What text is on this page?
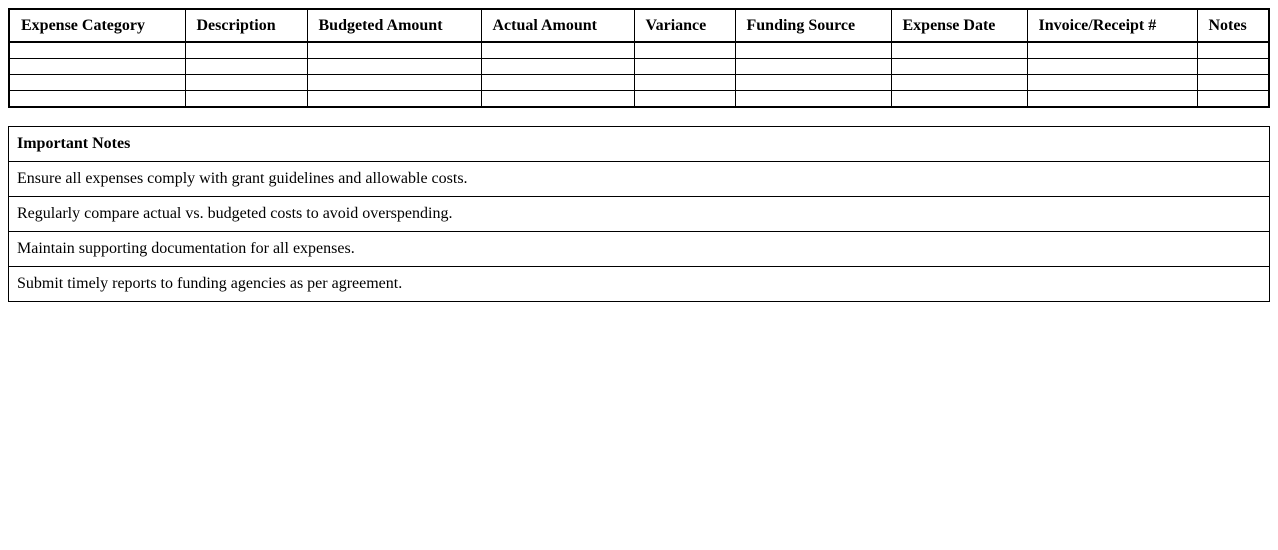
Expense Category	Description	Budgeted Amount	Actual Amount	Variance	Funding Source	Expense Date	Invoice/Receipt #	Notes

Important Notes
Ensure all expenses comply with grant guidelines and allowable costs.
Regularly compare actual vs. budgeted costs to avoid overspending.
Maintain supporting documentation for all expenses.
Submit timely reports to funding agencies as per agreement.
